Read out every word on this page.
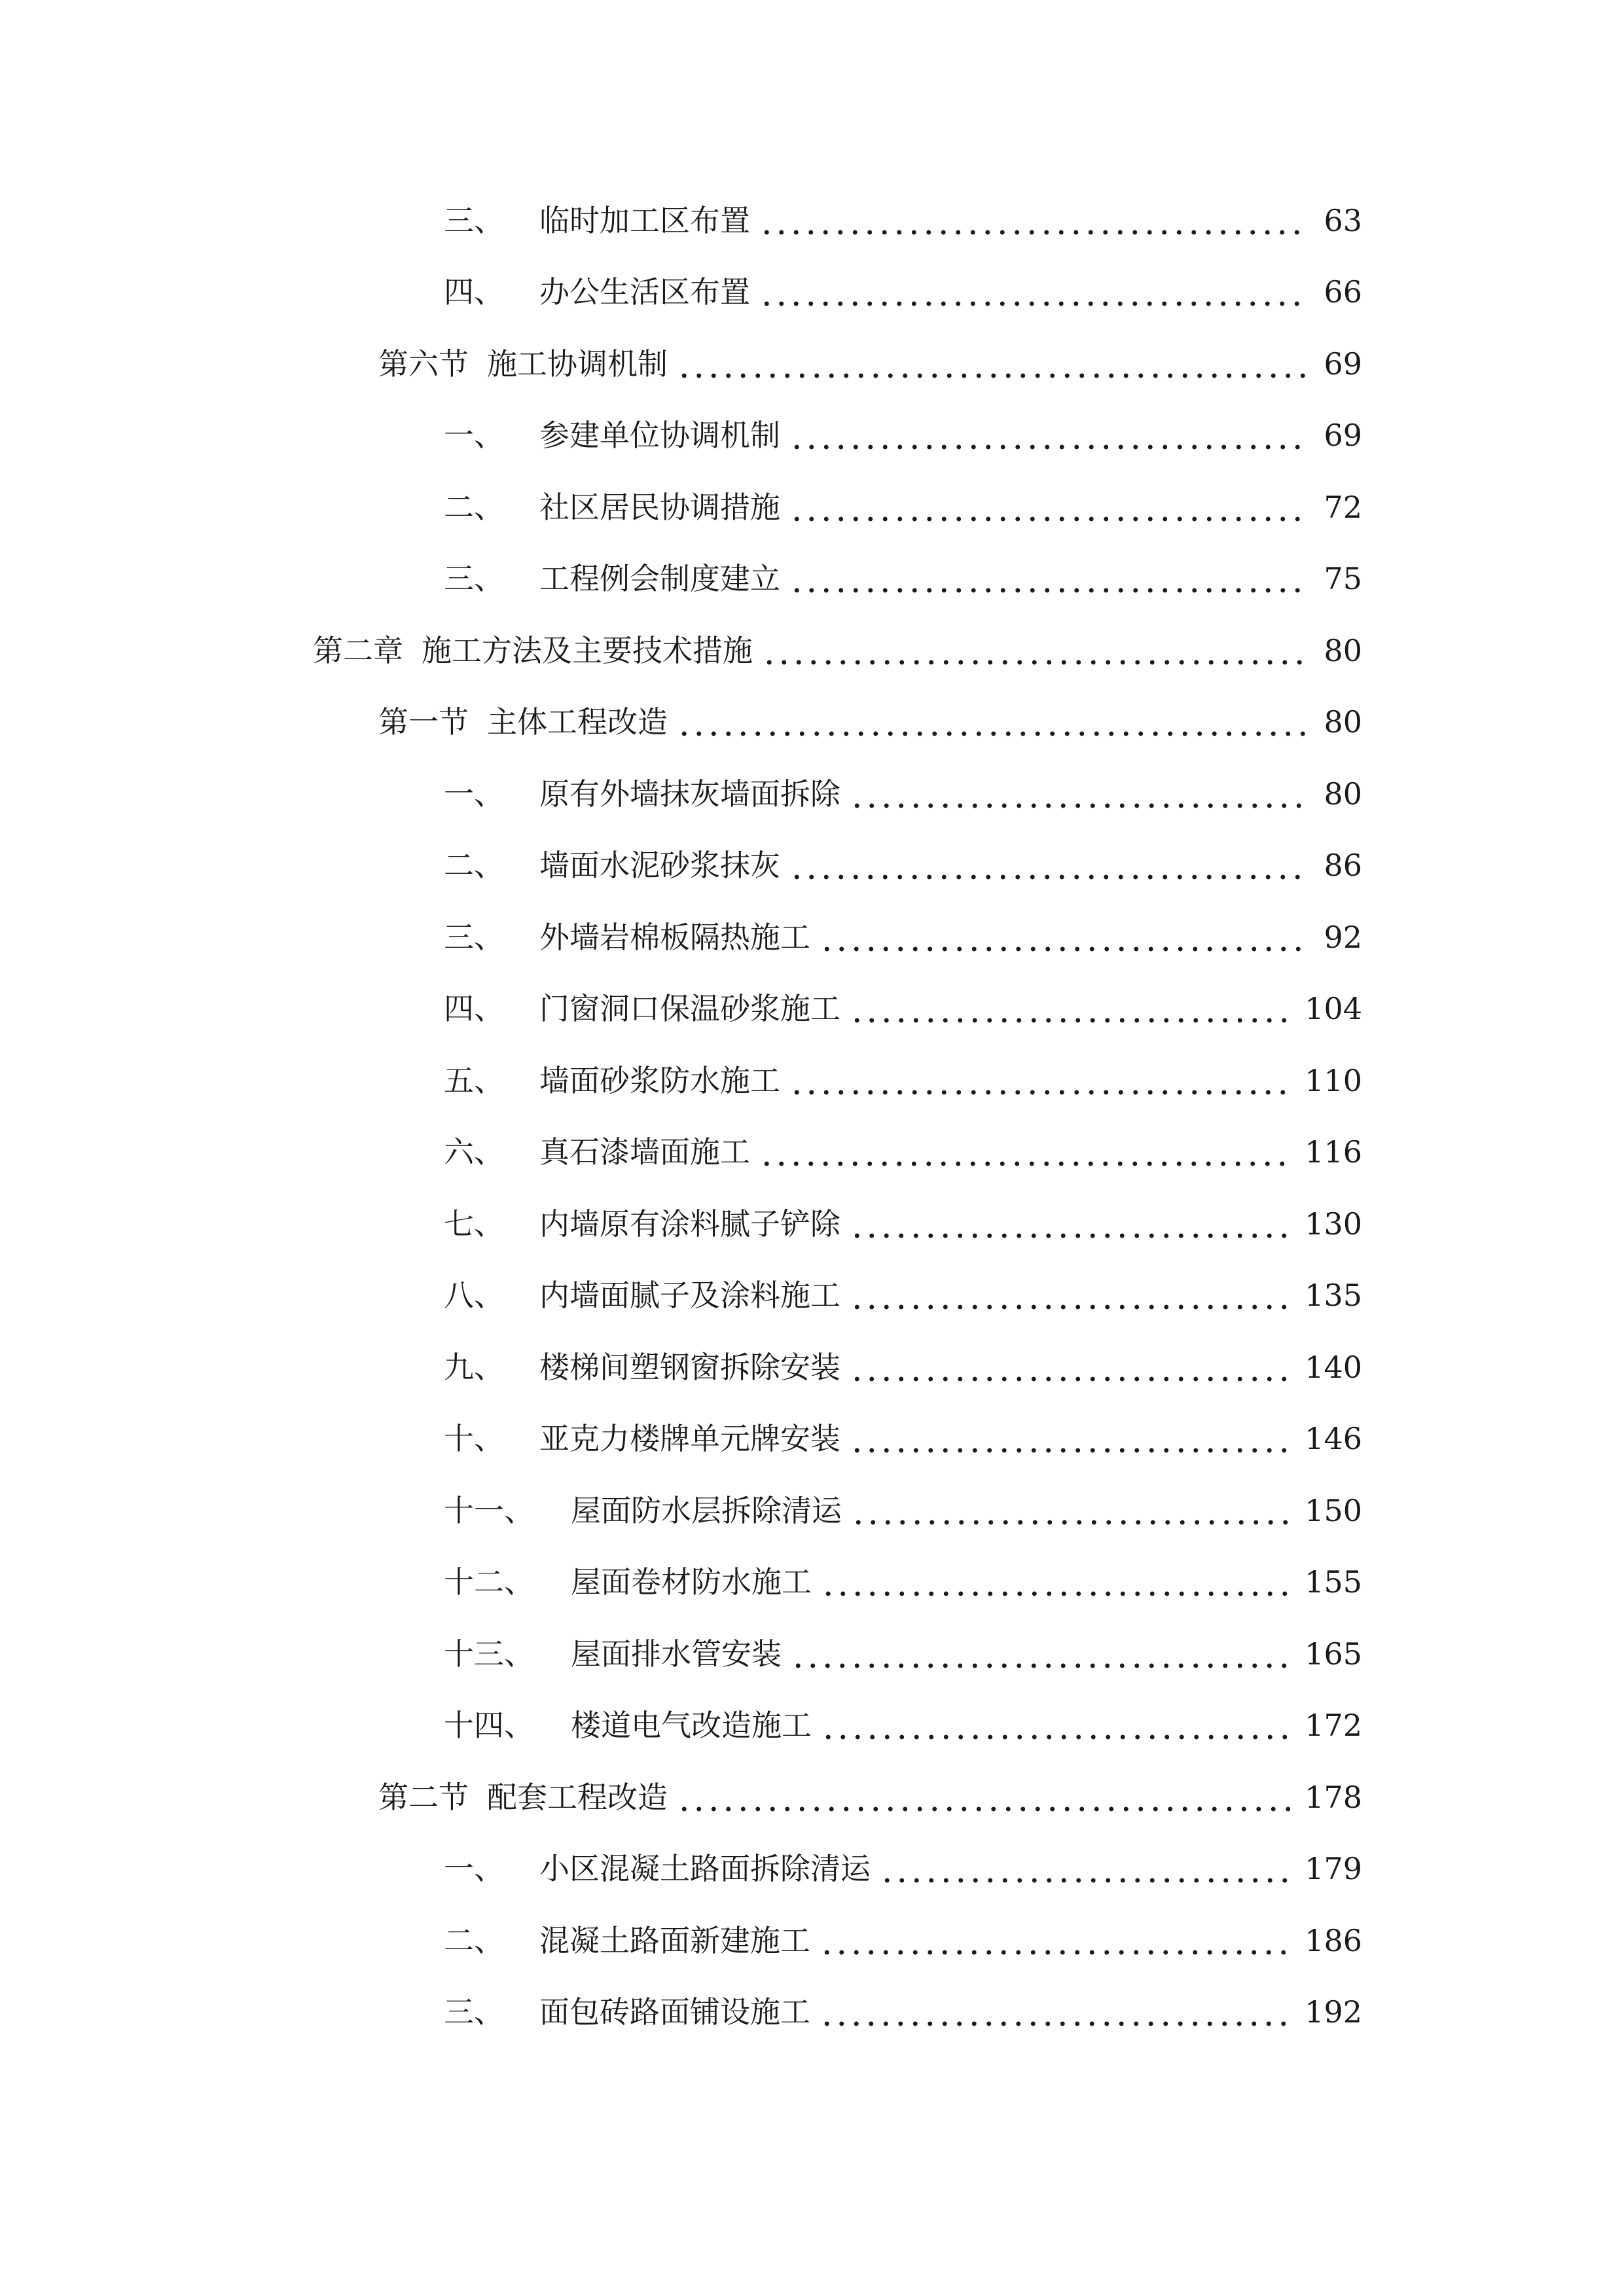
三、	临时加工区布置	63
四、	办公生活区布置	66
第六节 施工协调机制	69
一、	参建单位协调机制	69
二、	社区居民协调措施	72
三、	工程例会制度建立	75
第二章 施工方法及主要技术措施	80
第一节 主体工程改造	80
一、	原有外墙抹灰墙面拆除	80
二、	墙面水泥砂浆抹灰	86
三、	外墙岩棉板隔热施工	92
四、	门窗洞口保温砂浆施工	104
五、	墙面砂浆防水施工	110
六、	真石漆墙面施工	116
七、	内墙原有涂料腻子铲除	130
八、	内墙面腻子及涂料施工	135
九、	楼梯间塑钢窗拆除安装	140
十、	亚克力楼牌单元牌安装	146
十一、	屋面防水层拆除清运	150
十二、	屋面卷材防水施工	155
十三、	屋面排水管安装	165
十四、	楼道电气改造施工	172
第二节 配套工程改造	178
一、	小区混凝土路面拆除清运	179
二、	混凝土路面新建施工	186
三、	面包砖路面铺设施工	192
